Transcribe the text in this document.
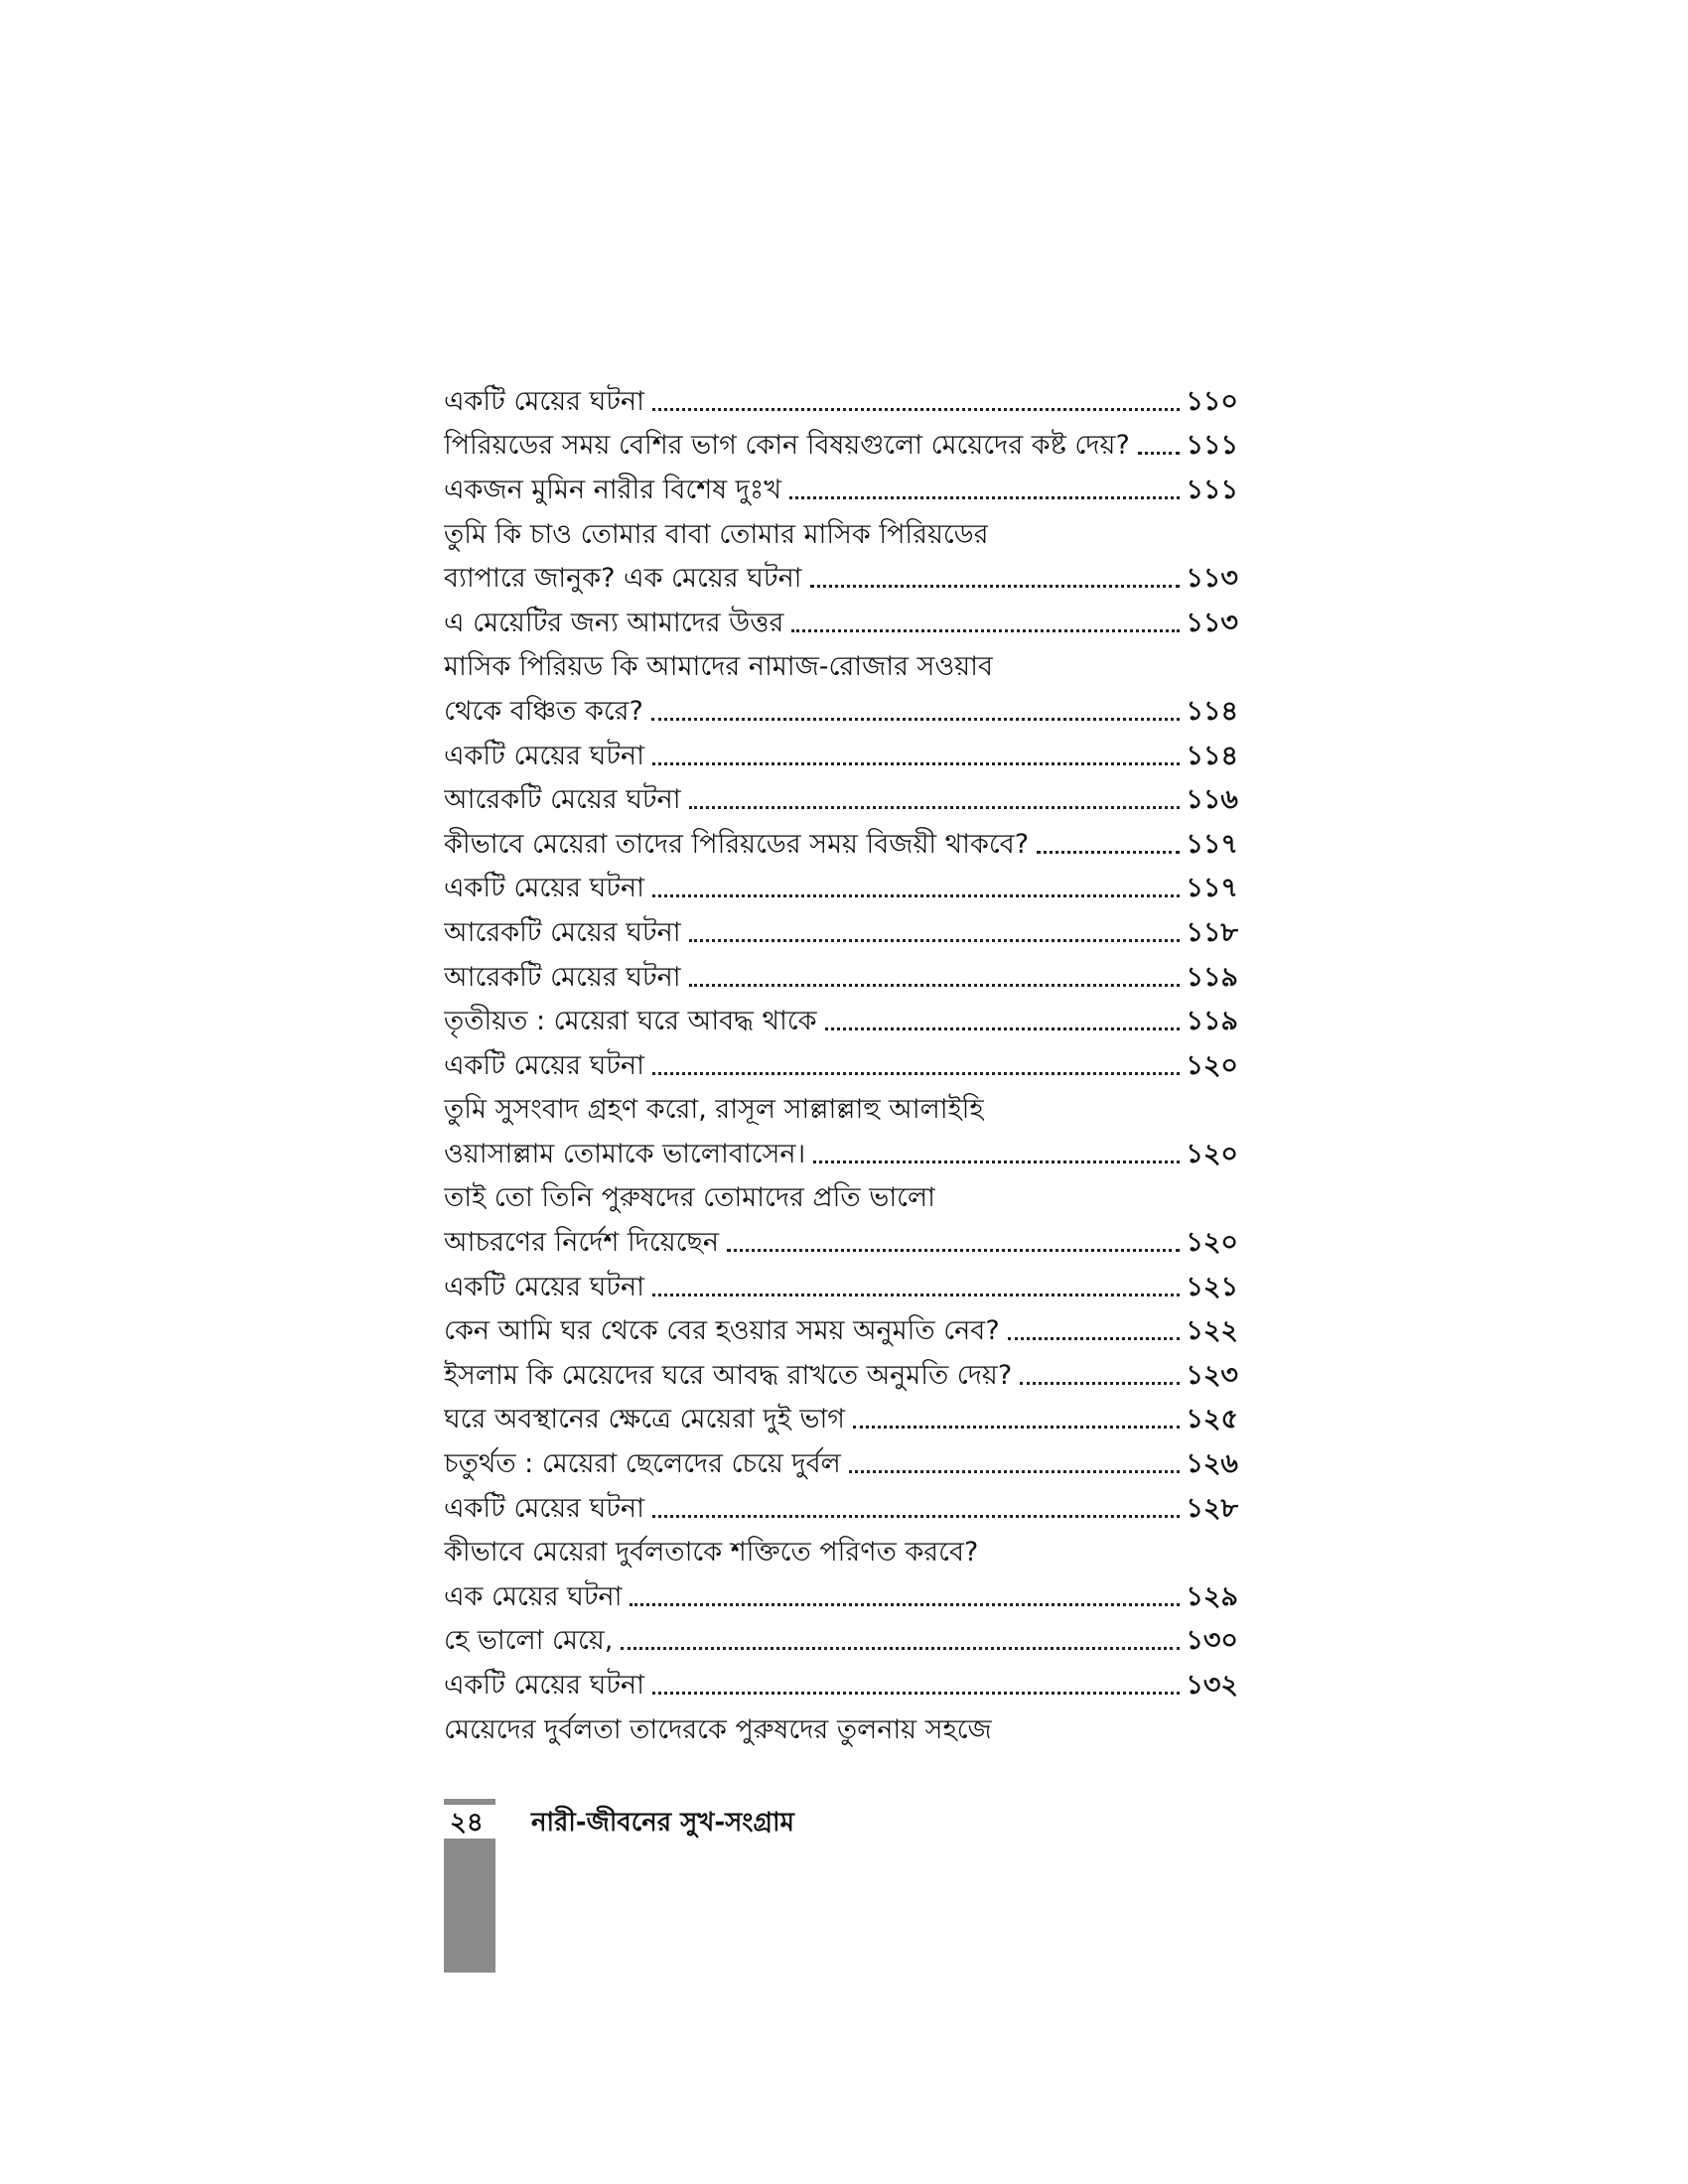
একটি মেয়ের ঘটনা	১১০
পিরিয়ডের সময় বেশির ভাগ কোন বিষয়গুলো মেয়েদের কষ্ট দেয়? ১১১
একজন মুমিন নারীর বিশেষ দুঃখ	১১১
তুমি কি চাও তোমার বাবা তোমার মাসিক পিরিয়ডের
ব্যাপারে জানুক? এক মেয়ের ঘটনা	১১৩
এ মেয়েটির জন্য আমাদের উত্তর	১১৩
মাসিক পিরিয়ড কি আমাদের নামাজ-রোজার সওয়াব
থেকে বঞ্চিত করে?	১১৪
একটি মেয়ের ঘটনা	১১৪
আরেকটি মেয়ের ঘটনা	১১৬
কীভাবে মেয়েরা তাদের পিরিয়ডের সময় বিজয়ী থাকবে?	১১৭
একটি মেয়ের ঘটনা	১১৭
আরেকটি মেয়ের ঘটনা	১১৮
আরেকটি মেয়ের ঘটনা	১১৯
তৃতীয়ত : মেয়েরা ঘরে আবদ্ধ থাকে	১১৯
একটি মেয়ের ঘটনা	১২০
তুমি সুসংবাদ গ্রহণ করো, রাসূল সাল্লাল্লাহু আলাইহি
ওয়াসাল্লাম তোমাকে ভালোবাসেন।	১২০
তাই তো তিনি পুরুষদের তোমাদের প্রতি ভালো
আচরণের নির্দেশ দিয়েছেন	১২০
একটি মেয়ের ঘটনা	১২১
কেন আমি ঘর থেকে বের হওয়ার সময় অনুমতি নেব?	১২২
ইসলাম কি মেয়েদের ঘরে আবদ্ধ রাখতে অনুমতি দেয়?	১২৩
ঘরে অবস্থানের ক্ষেত্রে মেয়েরা দুই ভাগ	১২৫
চতুর্থত : মেয়েরা ছেলেদের চেয়ে দুর্বল	১২৬
একটি মেয়ের ঘটনা	১২৮
কীভাবে মেয়েরা দুর্বলতাকে শক্তিতে পরিণত করবে?
এক মেয়ের ঘটনা	১২৯
হে ভালো মেয়ে,	১৩০
একটি মেয়ের ঘটনা	১৩২
মেয়েদের দুর্বলতা তাদেরকে পুরুষদের তুলনায় সহজে
২৪ নারী-জীবনের সুখ-সংগ্রাম
